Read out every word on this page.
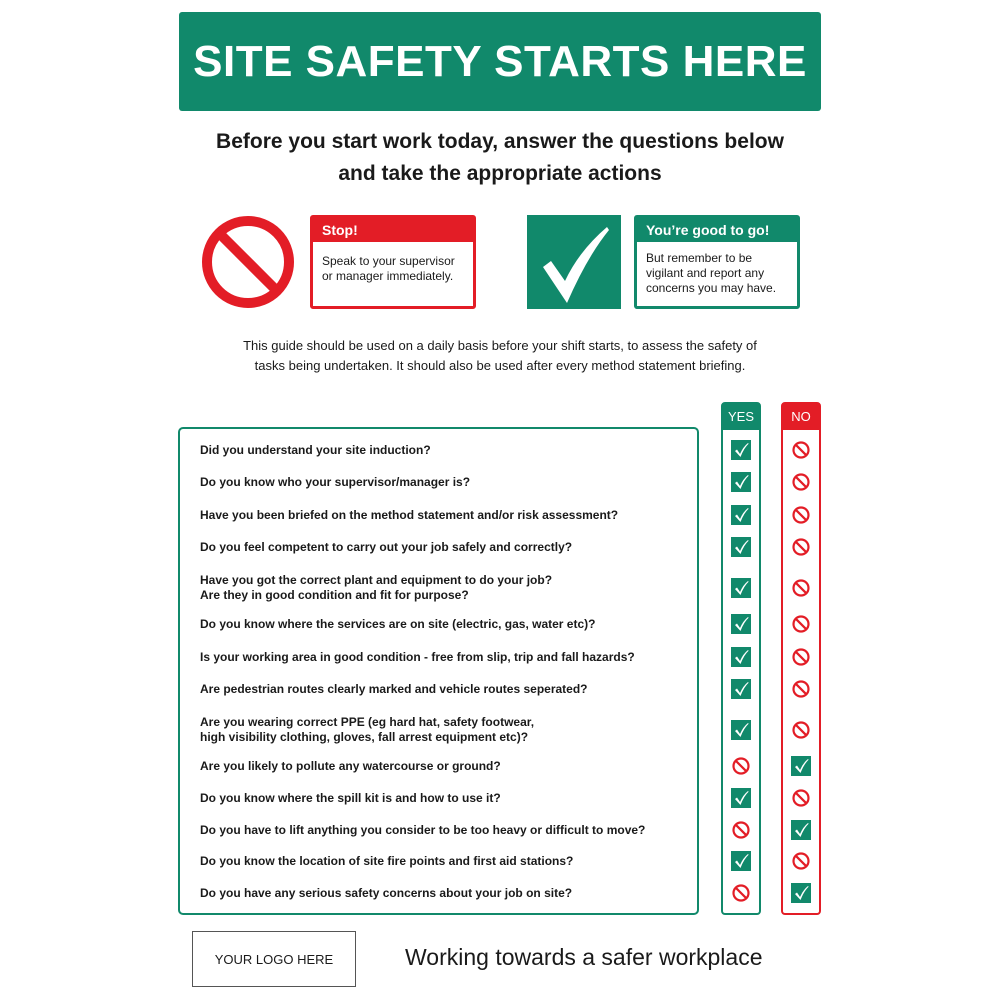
SITE SAFETY STARTS HERE
Before you start work today, answer the questions below
and take the appropriate actions
Stop!
Speak to your supervisor
or manager immediately.
You’re good to go!
But remember to be
vigilant and report any
concerns you may have.
This guide should be used on a daily basis before your shift starts, to assess the safety of
tasks being undertaken. It should also be used after every method statement briefing.
YES	NO
Did you understand your site induction?
Do you know who your supervisor/manager is?
Have you been briefed on the method statement and/or risk assessment?
Do you feel competent to carry out your job safely and correctly?
Have you got the correct plant and equipment to do your job?
Are they in good condition and fit for purpose?
Do you know where the services are on site (electric, gas, water etc)?
Is your working area in good condition - free from slip, trip and fall hazards?
Are pedestrian routes clearly marked and vehicle routes seperated?
Are you wearing correct PPE (eg hard hat, safety footwear,
high visibility clothing, gloves, fall arrest equipment etc)?
Are you likely to pollute any watercourse or ground?
Do you know where the spill kit is and how to use it?
Do you have to lift anything you consider to be too heavy or difficult to move?
Do you know the location of site fire points and first aid stations?
Do you have any serious safety concerns about your job on site?
YOUR LOGO HERE	Working towards a safer workplace
